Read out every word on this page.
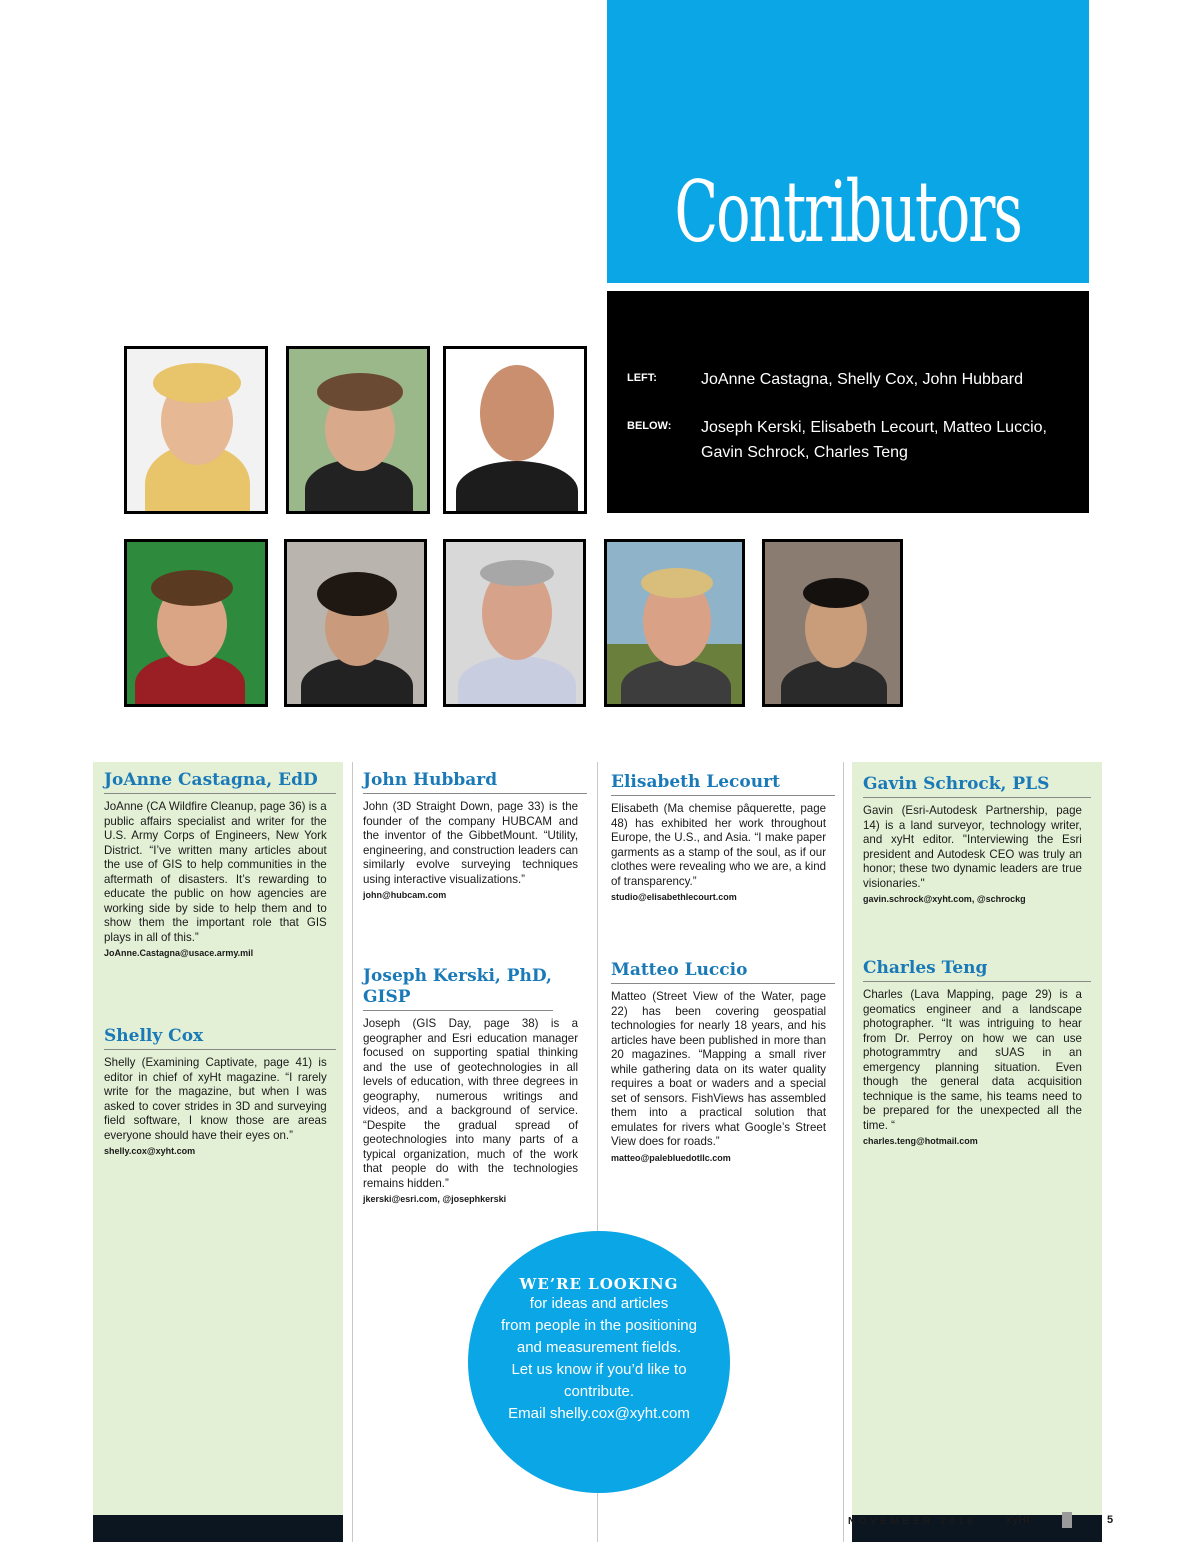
Contributors
LEFT:	JoAnne Castagna, Shelly Cox, John Hubbard
BELOW:	Joseph Kerski, Elisabeth Lecourt, Matteo Luccio,
Gavin Schrock, Charles Teng
JoAnne Castagna, EdD

JoAnne (CA Wildfire Cleanup, page 36) is a public affairs specialist and writer for the U.S. Army Corps of Engineers, New York District. “I’ve written many articles about the use of GIS to help communities in the aftermath of disasters. It’s rewarding to educate the public on how agencies are working side by side to help them and to show them the important role that GIS plays in all of this.”

JoAnne.Castagna@usace.army.mil
Shelly Cox

Shelly (Examining Captivate, page 41) is editor in chief of xyHt magazine. “I rarely write for the magazine, but when I was asked to cover strides in 3D and surveying field software, I know those are areas everyone should have their eyes on.”

shelly.cox@xyht.com
John Hubbard

John (3D Straight Down, page 33) is the founder of the company HUBCAM and the inventor of the GibbetMount. “Utility, engineering, and construction leaders can similarly evolve surveying techniques using interactive visualizations.”

john@hubcam.com
Joseph Kerski, PhD, GISP

Joseph (GIS Day, page 38) is a geographer and Esri education manager focused on supporting spatial thinking and the use of geotechnologies in all levels of education, with three degrees in geography, numerous writings and videos, and a background of service. “Despite the gradual spread of geotechnologies into many parts of a typical organization, much of the work that people do with the technologies remains hidden.”

jkerski@esri.com, @josephkerski
Elisabeth Lecourt

Elisabeth (Ma chemise pâquerette, page 48) has exhibited her work throughout Europe, the U.S., and Asia. “I make paper garments as a stamp of the soul, as if our clothes were revealing who we are, a kind of transparency.”

studio@elisabethlecourt.com
Matteo Luccio

Matteo (Street View of the Water, page 22) has been covering geospatial technologies for nearly 18 years, and his articles have been published in more than 20 magazines. “Mapping a small river while gathering data on its water quality requires a boat or waders and a special set of sensors. FishViews has assembled them into a practical solution that emulates for rivers what Google’s Street View does for roads.”

matteo@palebluedotllc.com
Gavin Schrock, PLS

Gavin (Esri-Autodesk Partnership, page 14) is a land surveyor, technology writer, and xyHt editor. "Interviewing the Esri president and Autodesk CEO was truly an honor; these two dynamic leaders are true visionaries."

gavin.schrock@xyht.com, @schrockg
Charles Teng

Charles (Lava Mapping, page 29) is a geomatics engineer and a landscape photographer. “It was intriguing to hear from Dr. Perroy on how we can use photogrammtry and sUAS in an emergency planning situation. Even though the general data acquisition technique is the same, his teams need to be prepared for the unexpected all the time. “

charles.teng@hotmail.com
WE’RE LOOKING
for ideas and articles
from people in the positioning
and measurement fields.
Let us know if you’d like to
contribute.
Email shelly.cox@xyht.com
NOVEMBER 2018	xyHt	5
